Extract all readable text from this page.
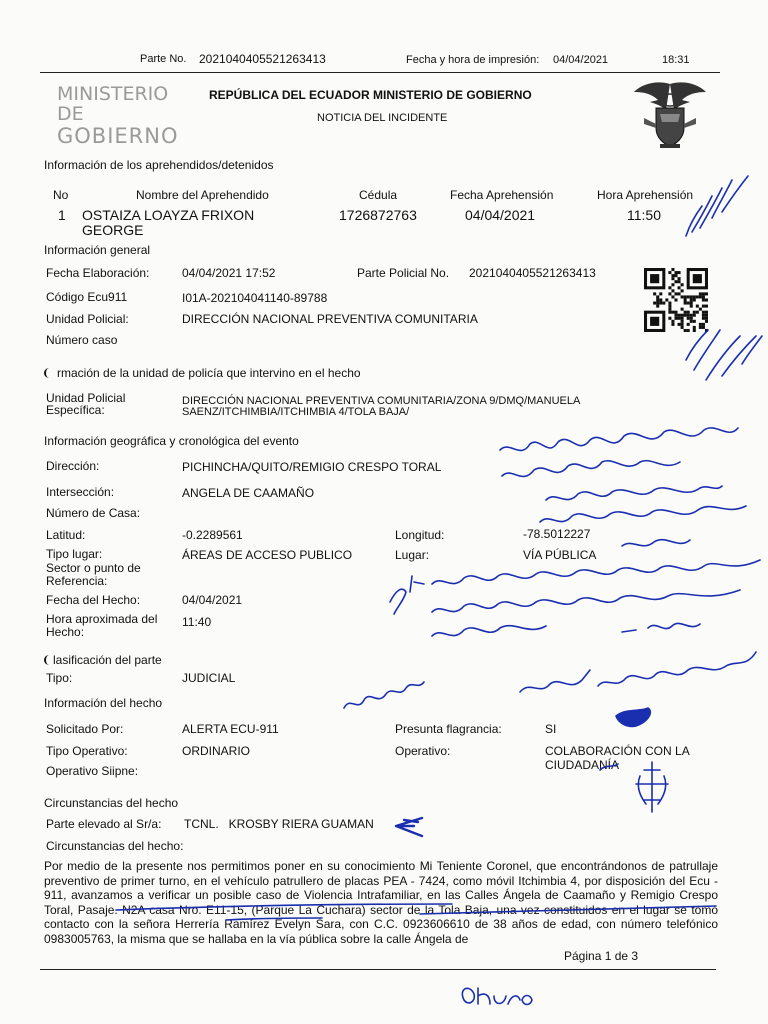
Parte No. 2021040405521263413	Fecha y hora de impresión: 04/04/2021	18:31
MINISTERIO DE
GOBIERNO
REPÚBLICA DEL ECUADOR MINISTERIO DE GOBIERNO
NOTICIA DEL INCIDENTE
Información de los aprehendidos/detenidos
No	Nombre del Aprehendido	Cédula	Fecha Aprehensión	Hora Aprehensión
1 OSTAIZA LOAYZA FRIXON
GEORGE
1726872763	04/04/2021	11:50
Información general
Fecha Elaboración:	04/04/2021 17:52	Parte Policial No. 2021040405521263413
Código Ecu911	I01A-202104041140-89788
Unidad Policial:	DIRECCIÓN NACIONAL PREVENTIVA COMUNITARIA
Número caso
rmación de la unidad de policía que intervino en el hecho
Unidad Policial
Específica:
DIRECCIÓN NACIONAL PREVENTIVA COMUNITARIA/ZONA 9/DMQ/MANUELA
SAENZ/ITCHIMBIA/ITCHIMBIA 4/TOLA BAJA/
Información geográfica y cronológica del evento
Dirección:	PICHINCHA/QUITO/REMIGIO CRESPO TORAL
Intersección:	ANGELA DE CAAMAÑO
Número de Casa:
Latitud:	-0.2289561	Longitud:	-78.5012227
Tipo lugar:	ÁREAS DE ACCESO PUBLICO	Lugar:	VÍA PÚBLICA
Sector o punto de
Referencia:
Fecha del Hecho:	04/04/2021
Hora aproximada del
Hecho:
11:40
lasificación del parte
Tipo:	JUDICIAL
Información del hecho
Solicitado Por:	ALERTA ECU-911	Presunta flagrancia:	SI
Tipo Operativo:	ORDINARIO	Operativo:	COLABORACIÓN CON LA
CIUDADANÍA
Operativo Siipne:
Circunstancias del hecho
Parte elevado al Sr/a: TCNL.   KROSBY RIERA GUAMAN
Circunstancias del hecho:
Por medio de la presente nos permitimos poner en su conocimiento Mi Teniente Coronel, que encontrándonos de patrullaje preventivo de primer turno, en el vehículo patrullero de placas PEA - 7424, como móvil Itchimbia 4, por disposición del Ecu - 911, avanzamos a verificar un posible caso de Violencia Intrafamiliar, en las Calles Ángela de Caamaño y Remigio Crespo Toral, Pasaje. N2A casa Nro. E11-15, (Parque La Cuchara) sector de la Tola Baja, una vez constituidos en el lugar se tomó contacto con la señora Herrería Ramírez Evelyn Sara, con C.C. 0923606610 de 38 años de edad, con número telefónico 0983005763, la misma que se hallaba en la vía pública sobre la calle Ángela de
Página 1 de 3
